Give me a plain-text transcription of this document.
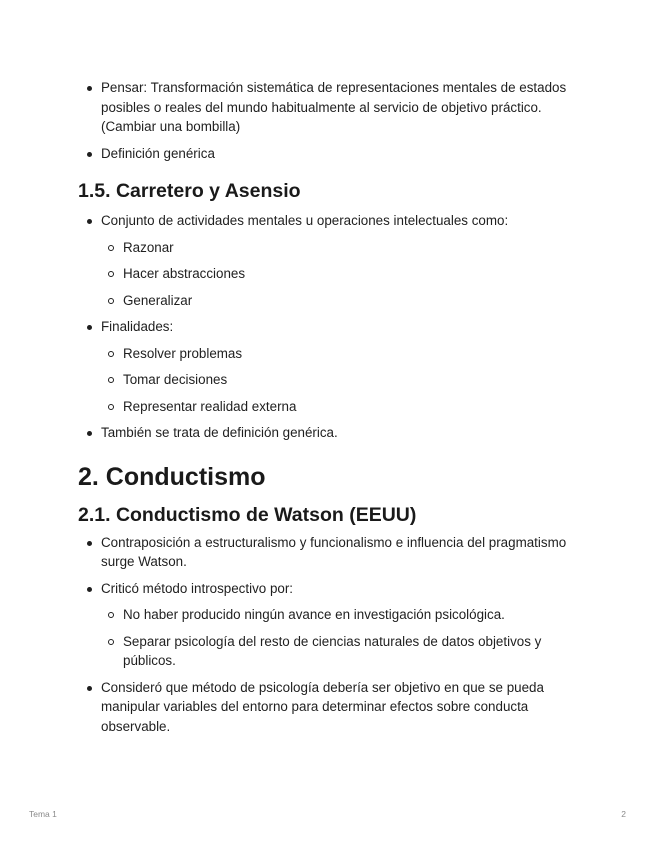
Pensar: Transformación sistemática de representaciones mentales de estados posibles o reales del mundo habitualmente al servicio de objetivo práctico. (Cambiar una bombilla)
Definición genérica
1.5. Carretero y Asensio
Conjunto de actividades mentales u operaciones intelectuales como:
Razonar
Hacer abstracciones
Generalizar
Finalidades:
Resolver problemas
Tomar decisiones
Representar realidad externa
También se trata de definición genérica.
2. Conductismo
2.1. Conductismo de Watson (EEUU)
Contraposición a estructuralismo y funcionalismo e influencia del pragmatismo surge Watson.
Criticó método introspectivo por:
No haber producido ningún avance en investigación psicológica.
Separar psicología del resto de ciencias naturales de datos objetivos y públicos.
Consideró que método de psicología debería ser objetivo en que se pueda manipular variables del entorno para determinar efectos sobre conducta observable.
Tema 1	2
